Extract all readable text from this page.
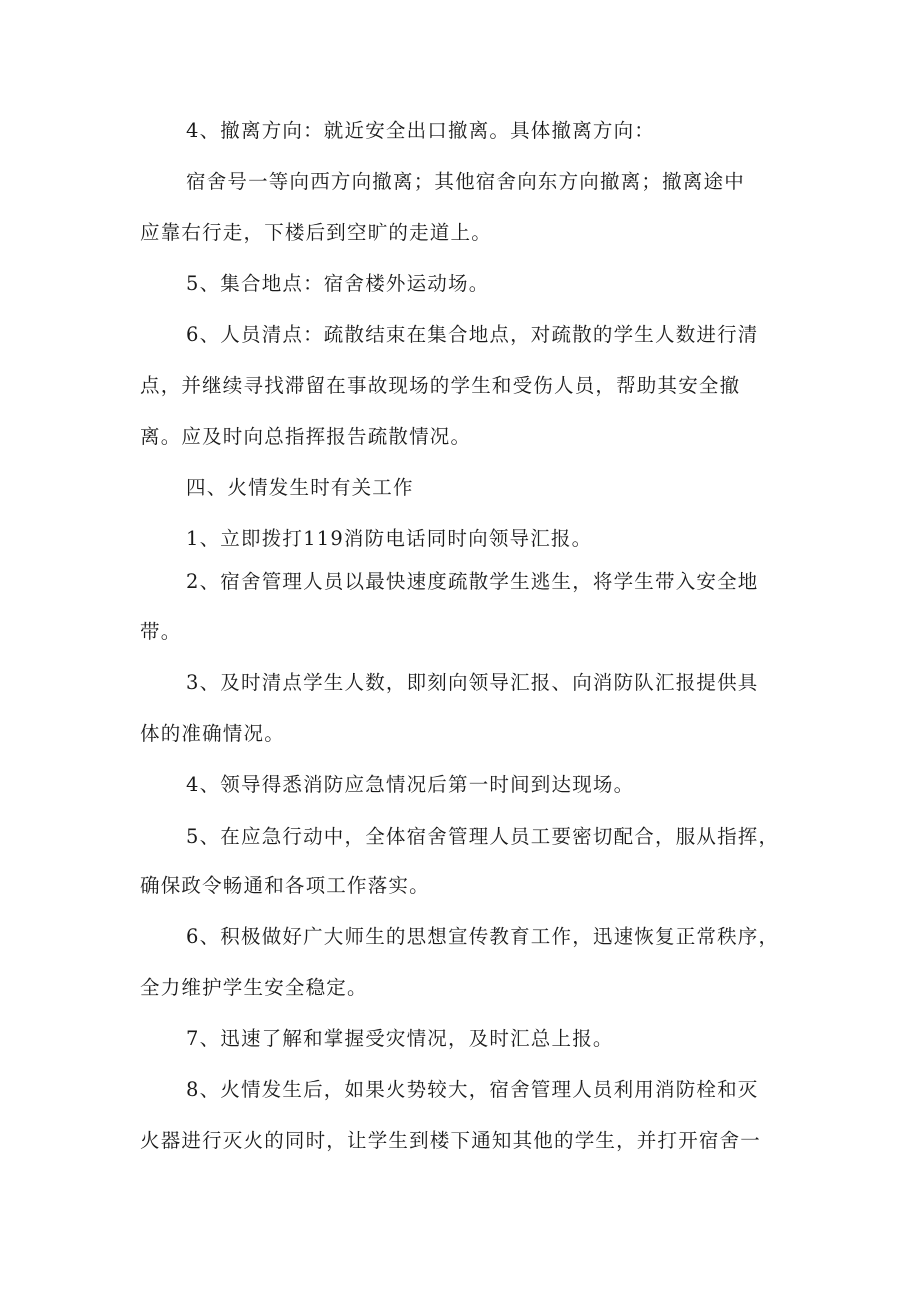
4、撤离方向：就近安全出口撤离。具体撤离方向：

宿舍号一等向西方向撤离；其他宿舍向东方向撤离；撤离途中

应靠右行走，下楼后到空旷的走道上。

5、集合地点：宿舍楼外运动场。

6、人员清点：疏散结束在集合地点，对疏散的学生人数进行清

点，并继续寻找滞留在事故现场的学生和受伤人员，帮助其安全撤

离。应及时向总指挥报告疏散情况。

四、火情发生时有关工作

1、立即拨打119消防电话同时向领导汇报。

2、宿舍管理人员以最快速度疏散学生逃生，将学生带入安全地

带。

3、及时清点学生人数，即刻向领导汇报、向消防队汇报提供具

体的准确情况。

4、领导得悉消防应急情况后第一时间到达现场。

5、在应急行动中，全体宿舍管理人员工要密切配合，服从指挥，

确保政令畅通和各项工作落实。

6、积极做好广大师生的思想宣传教育工作，迅速恢复正常秩序，

全力维护学生安全稳定。

7、迅速了解和掌握受灾情况，及时汇总上报。

8、火情发生后，如果火势较大，宿舍管理人员利用消防栓和灭

火器进行灭火的同时，让学生到楼下通知其他的学生，并打开宿舍一
